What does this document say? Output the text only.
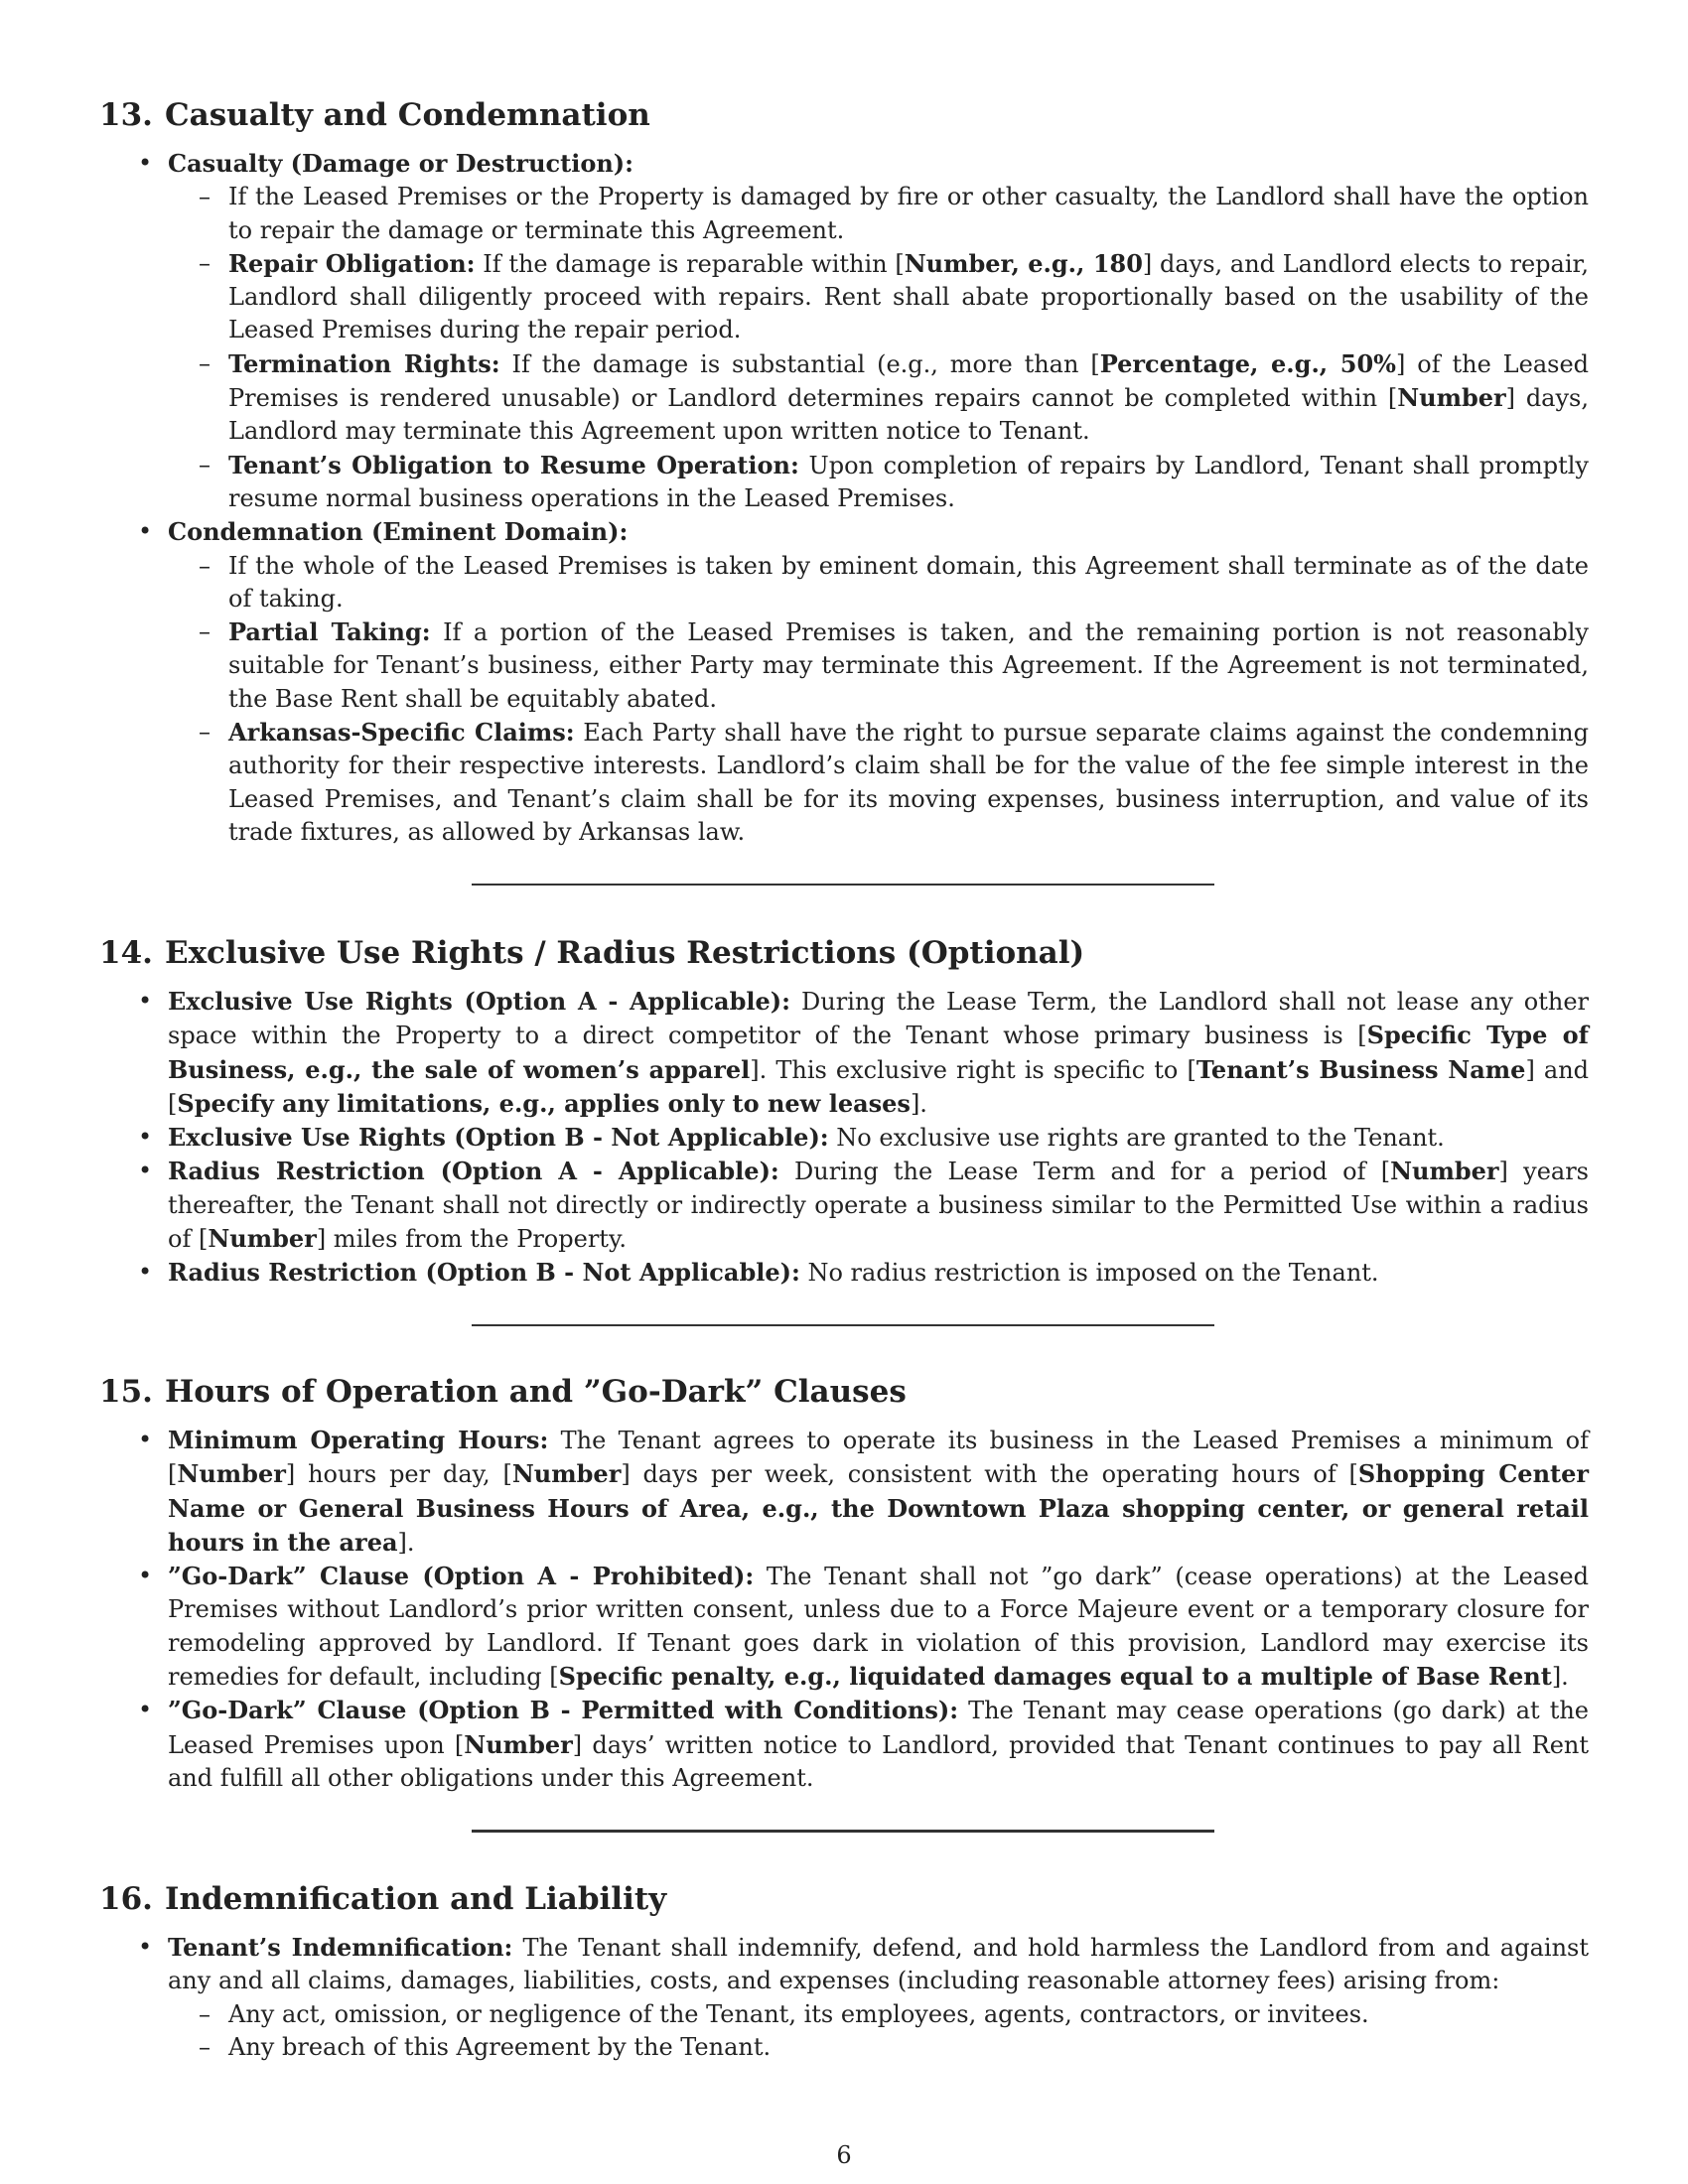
13. Casualty and Condemnation
• Casualty (Damage or Destruction):
– If the Leased Premises or the Property is damaged by fire or other casualty, the Landlord shall have the option to repair the damage or terminate this Agreement.
– Repair Obligation: If the damage is reparable within [Number, e.g., 180] days, and Landlord elects to repair, Landlord shall diligently proceed with repairs. Rent shall abate proportionally based on the usability of the Leased Premises during the repair period.
– Termination Rights: If the damage is substantial (e.g., more than [Percentage, e.g., 50%] of the Leased Premises is rendered unusable) or Landlord determines repairs cannot be completed within [Number] days, Landlord may terminate this Agreement upon written notice to Tenant.
– Tenant’s Obligation to Resume Operation: Upon completion of repairs by Landlord, Tenant shall promptly resume normal business operations in the Leased Premises.
• Condemnation (Eminent Domain):
– If the whole of the Leased Premises is taken by eminent domain, this Agreement shall terminate as of the date of taking.
– Partial Taking: If a portion of the Leased Premises is taken, and the remaining portion is not reasonably suitable for Tenant’s business, either Party may terminate this Agreement. If the Agreement is not terminated, the Base Rent shall be equitably abated.
– Arkansas-Specific Claims: Each Party shall have the right to pursue separate claims against the condemning authority for their respective interests. Landlord’s claim shall be for the value of the fee simple interest in the Leased Premises, and Tenant’s claim shall be for its moving expenses, business interruption, and value of its trade fixtures, as allowed by Arkansas law.
14. Exclusive Use Rights / Radius Restrictions (Optional)
• Exclusive Use Rights (Option A - Applicable): During the Lease Term, the Landlord shall not lease any other space within the Property to a direct competitor of the Tenant whose primary business is [Specific Type of Business, e.g., the sale of women’s apparel]. This exclusive right is specific to [Tenant’s Business Name] and [Specify any limitations, e.g., applies only to new leases].
• Exclusive Use Rights (Option B - Not Applicable): No exclusive use rights are granted to the Tenant.
• Radius Restriction (Option A - Applicable): During the Lease Term and for a period of [Number] years thereafter, the Tenant shall not directly or indirectly operate a business similar to the Permitted Use within a radius of [Number] miles from the Property.
• Radius Restriction (Option B - Not Applicable): No radius restriction is imposed on the Tenant.
15. Hours of Operation and ”Go-Dark” Clauses
• Minimum Operating Hours: The Tenant agrees to operate its business in the Leased Premises a minimum of [Number] hours per day, [Number] days per week, consistent with the operating hours of [Shopping Center Name or General Business Hours of Area, e.g., the Downtown Plaza shopping center, or general retail hours in the area].
• ”Go-Dark” Clause (Option A - Prohibited): The Tenant shall not ”go dark” (cease operations) at the Leased Premises without Landlord’s prior written consent, unless due to a Force Majeure event or a temporary closure for remodeling approved by Landlord. If Tenant goes dark in violation of this provision, Landlord may exercise its remedies for default, including [Specific penalty, e.g., liquidated damages equal to a multiple of Base Rent].
• ”Go-Dark” Clause (Option B - Permitted with Conditions): The Tenant may cease operations (go dark) at the Leased Premises upon [Number] days’ written notice to Landlord, provided that Tenant continues to pay all Rent and fulfill all other obligations under this Agreement.
16. Indemnification and Liability
• Tenant’s Indemnification: The Tenant shall indemnify, defend, and hold harmless the Landlord from and against any and all claims, damages, liabilities, costs, and expenses (including reasonable attorney fees) arising from:
– Any act, omission, or negligence of the Tenant, its employees, agents, contractors, or invitees.
– Any breach of this Agreement by the Tenant.
6
